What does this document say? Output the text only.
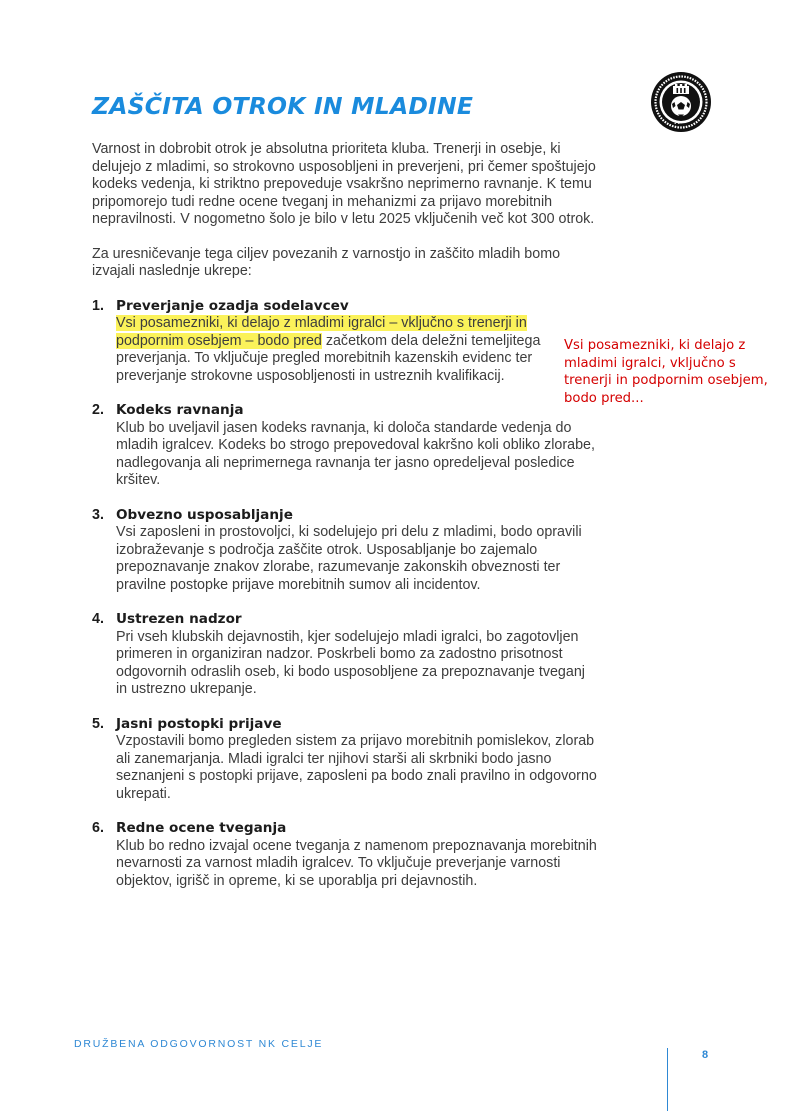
ZAŠČITA OTROK IN MLADINE
• •

Varnost in dobrobit otrok je absolutna prioriteta kluba. Trenerji in osebje, ki delujejo z mladimi, so strokovno usposobljeni in preverjeni, pri čemer spoštujejo kodeks vedenja, ki striktno prepoveduje vsakršno neprimerno ravnanje. K temu pripomorejo tudi redne ocene tveganj in mehanizmi za prijavo morebitnih nepravilnosti. V nogometno šolo je bilo v letu 2025 vključenih več kot 300 otrok.

Za uresničevanje tega ciljev povezanih z varnostjo in zaščito mladih bomo izvajali naslednje ukrepe:

1. Preverjanje ozadja sodelavcev
Vsi posamezniki, ki delajo z mladimi igralci – vključno s trenerji in podpornim osebjem – bodo pred začetkom dela deležni temeljitega preverjanja. To vključuje pregled morebitnih kazenskih evidenc ter preverjanje strokovne usposobljenosti in ustreznih kvalifikacij.
2. Kodeks ravnanja
Klub bo uveljavil jasen kodeks ravnanja, ki določa standarde vedenja do mladih igralcev. Kodeks bo strogo prepovedoval kakršno koli obliko zlorabe, nadlegovanja ali neprimernega ravnanja ter jasno opredeljeval posledice kršitev.
3. Obvezno usposabljanje
Vsi zaposleni in prostovoljci, ki sodelujejo pri delu z mladimi, bodo opravili izobraževanje s področja zaščite otrok. Usposabljanje bo zajemalo prepoznavanje znakov zlorabe, razumevanje zakonskih obveznosti ter pravilne postopke prijave morebitnih sumov ali incidentov.
4. Ustrezen nadzor
Pri vseh klubskih dejavnostih, kjer sodelujejo mladi igralci, bo zagotovljen primeren in organiziran nadzor. Poskrbeli bomo za zadostno prisotnost odgovornih odraslih oseb, ki bodo usposobljene za prepoznavanje tveganj in ustrezno ukrepanje.
5. Jasni postopki prijave
Vzpostavili bomo pregleden sistem za prijavo morebitnih pomislekov, zlorab ali zanemarjanja. Mladi igralci ter njihovi starši ali skrbniki bodo jasno seznanjeni s postopki prijave, zaposleni pa bodo znali pravilno in odgovorno ukrepati.
6. Redne ocene tveganja
Klub bo redno izvajal ocene tveganja z namenom prepoznavanja morebitnih nevarnosti za varnost mladih igralcev. To vključuje preverjanje varnosti objektov, igrišč in opreme, ki se uporablja pri dejavnostih.
Vsi posamezniki, ki delajo z mladimi igralci, vključno s trenerji in podpornim osebjem, bodo pred...
DRUŽBENA ODGOVORNOST NK CELJE
8
